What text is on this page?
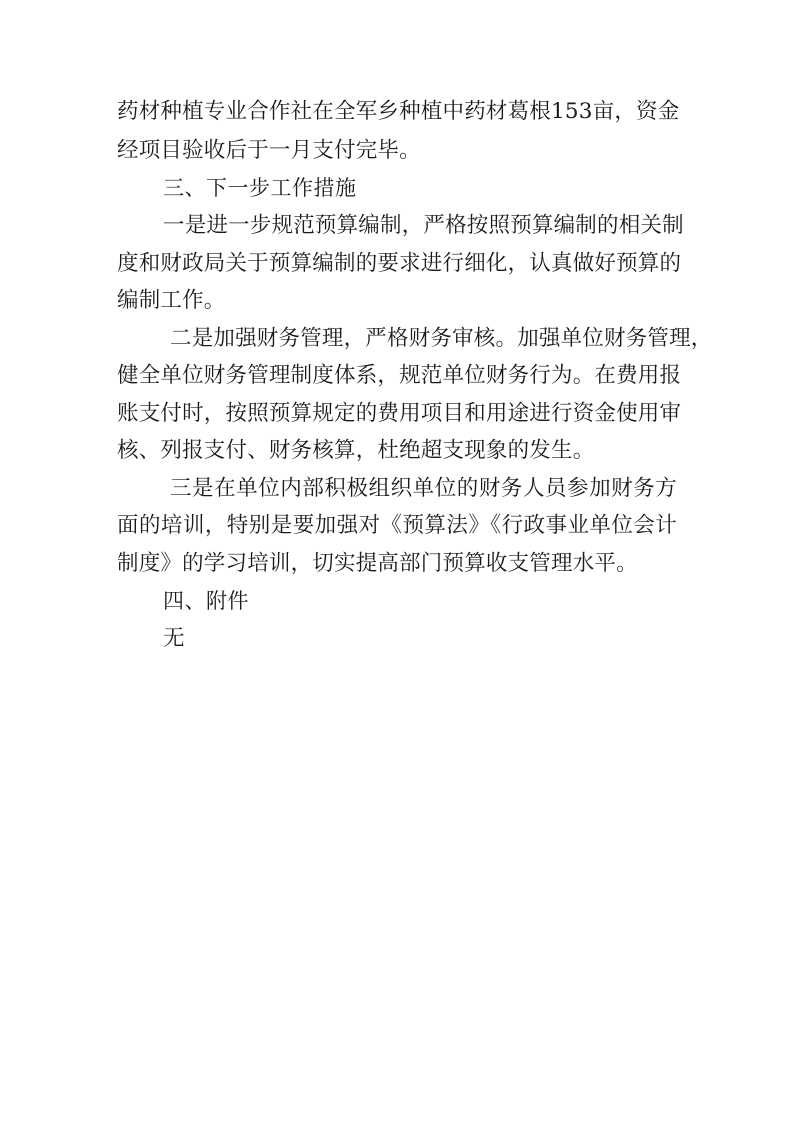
药材种植专业合作社在全军乡种植中药材葛根153亩，资金
经项目验收后于一月支付完毕。
三、下一步工作措施
一是进一步规范预算编制，严格按照预算编制的相关制
度和财政局关于预算编制的要求进行细化，认真做好预算的
编制工作。
二是加强财务管理，严格财务审核。加强单位财务管理，
健全单位财务管理制度体系，规范单位财务行为。在费用报
账支付时，按照预算规定的费用项目和用途进行资金使用审
核、列报支付、财务核算，杜绝超支现象的发生。
三是在单位内部积极组织单位的财务人员参加财务方
面的培训，特别是要加强对《预算法》《行政事业单位会计
制度》的学习培训，切实提高部门预算收支管理水平。
四、附件
无
